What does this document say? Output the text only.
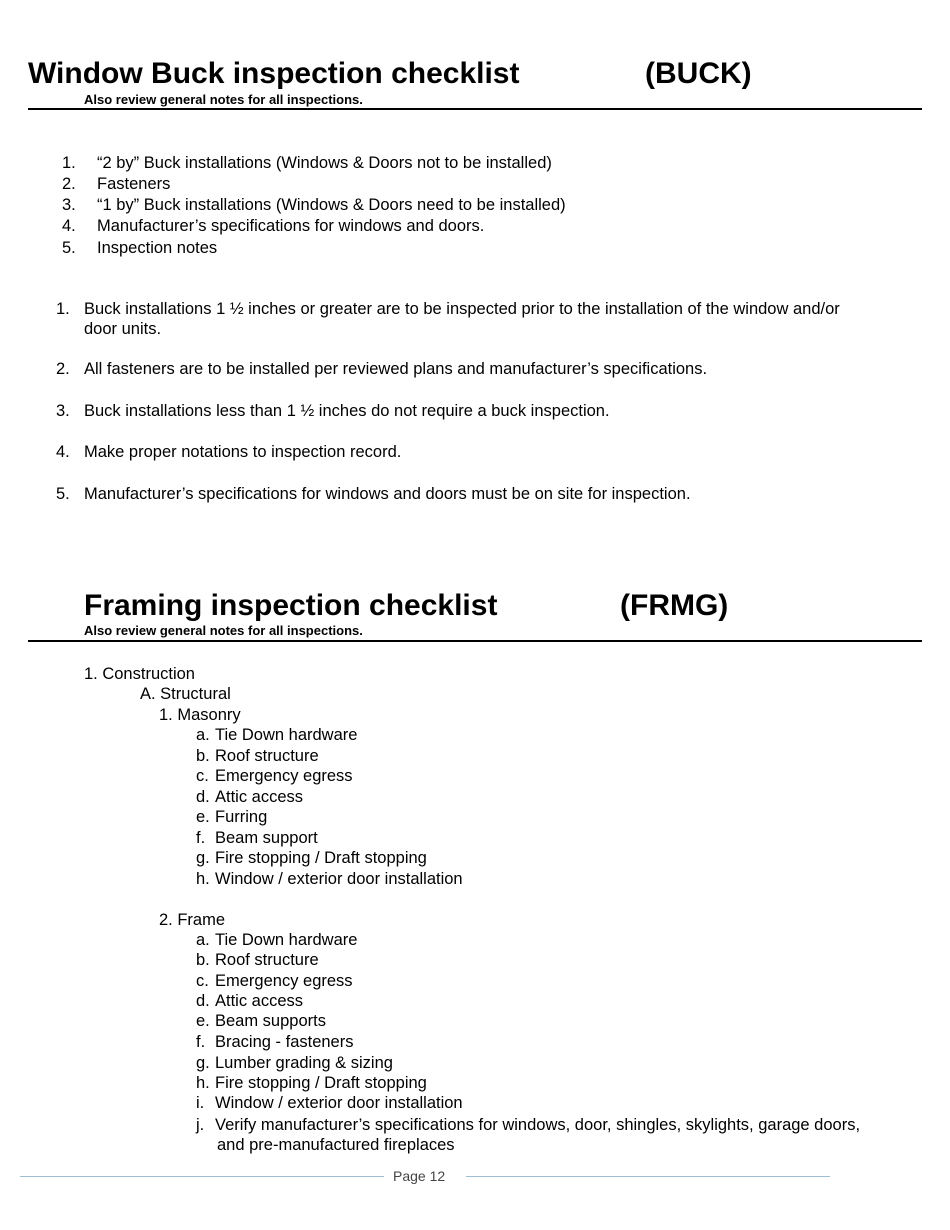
Window Buck inspection checklist	(BUCK)
Also review general notes for all inspections.
1. “2 by” Buck installations (Windows & Doors not to be installed)
2. Fasteners
3. “1 by” Buck installations (Windows & Doors need to be installed)
4. Manufacturer’s specifications for windows and doors.
5. Inspection notes
1. Buck installations 1 ½ inches or greater are to be inspected prior to the installation of the window and/or
door units.
2. All fasteners are to be installed per reviewed plans and manufacturer’s specifications.
3. Buck installations less than 1 ½ inches do not require a buck inspection.
4. Make proper notations to inspection record.
5. Manufacturer’s specifications for windows and doors must be on site for inspection.
Framing inspection checklist	(FRMG)
Also review general notes for all inspections.
1. Construction
A. Structural
1. Masonry
a. Tie Down hardware
b. Roof structure
c. Emergency egress
d. Attic access
e. Furring
f. Beam support
g. Fire stopping / Draft stopping
h. Window / exterior door installation
2. Frame
a. Tie Down hardware
b. Roof structure
c. Emergency egress
d. Attic access
e. Beam supports
f. Bracing - fasteners
g. Lumber grading & sizing
h. Fire stopping / Draft stopping
i. Window / exterior door installation
j. Verify manufacturer’s specifications for windows, door, shingles, skylights, garage doors,
and pre-manufactured fireplaces
Page 12
